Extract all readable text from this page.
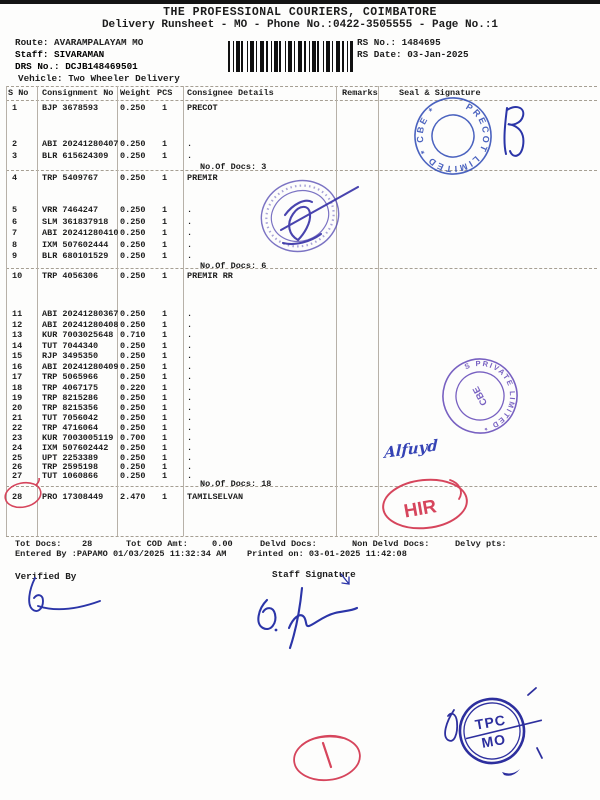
THE PROFESSIONAL COURIERS, COIMBATORE
Delivery Runsheet - MO - Phone No.:0422-3505555 - Page No.:1
Route: AVARAMPALAYAM MO
Staff: SIVARAMAN
DRS No.: DCJB148469501
Vehicle: Two Wheeler Delivery
RS No.: 1484695
RS Date: 03-Jan-2025
S No Consignment No Weight PCS Consignee Details	Remarks	Seal & Signature
1	BJP 3678593	0.250 1 PRECOT
2	ABI 20241280407 0.250 1 .
3	BLR 615624309 0.250 1 .
4	TRP 5409767	0.250 1 PREMIR
5	VRR 7464247	0.250 1 .
6	SLM 361837918 0.250 1 .
7	ABI 20241280410 0.250 1 .
8	IXM 507602444 0.250 1 .
9	BLR 680101529 0.250 1 .
10 TRP 4056306	0.250 1 PREMIR RR
11 ABI 20241280367 0.250 1 .
12 ABI 20241280408 0.250 1 .
13 KUR 7003025648 0.710 1 .
14 TUT 7044340	0.250 1 .
15 RJP 3495350	0.250 1 .
16 ABI 20241280409 0.250 1 .
17 TRP 5065966	0.250 1 .
18 TRP 4067175	0.220 1 .
19 TRP 8215286	0.250 1 .
20 TRP 8215356	0.250 1 .
21 TUT 7056042	0.250 1 .
22 TRP 4716064	0.250 1 .
23 KUR 7003005119 0.700 1 .
24 IXM 507602442 0.250 1 .
25 UPT 2253389	0.250 1 .
26 TRP 2595198	0.250 1 .
27 TUT 1060866	0.250 1 .
28 PRO 17308449 2.470 1 TAMILSELVAN
No.Of Docs: 3
No.Of Docs: 6
No.Of Docs: 18
Tot Docs: 28	Tot COD Amt:	0.00	Delvd Docs:	Non Delvd Docs:	Delvy pts:
Entered By :PAPAMO 01/03/2025 11:32:34 AM Printed on: 03-01-2025 11:42:08
Verified By	Staff Signature
PRECOT LIMITED * CBE *
S PRIVATE LIMITED *
CBE
Alfuyd
HIR
TPC
MO
